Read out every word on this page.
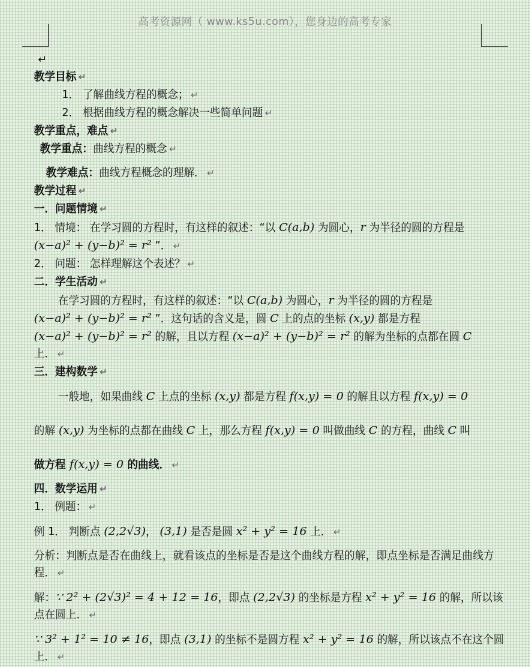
高考资源网（ www.ks5u.com），您身边的高考专家
↵
教学目标 ↵
1． 了解曲线方程的概念； ↵
2． 根据曲线方程的概念解决一些简单问题 ↵
教学重点，难点 ↵
教学重点：曲线方程的概念 ↵
教学难点：曲线方程概念的理解． ↵
教学过程 ↵
一．问题情境 ↵
1． 情境： 在学习圆的方程时，有这样的叙述：“以 C(a,b) 为圆心，r 为半径的圆的方程是
(x−a)² + (y−b)² = r² ”． ↵
2． 问题： 怎样理解这个表述？ ↵
二．学生活动 ↵
在学习圆的方程时，有这样的叙述：“以 C(a,b) 为圆心，r 为半径的圆的方程是
(x−a)² + (y−b)² = r² ”．这句话的含义是，圆 C 上的点的坐标 (x,y) 都是方程
(x−a)² + (y−b)² = r² 的解，且以方程 (x−a)² + (y−b)² = r² 的解为坐标的点都在圆 C
上． ↵
三．建构数学 ↵
一般地，如果曲线 C 上点的坐标 (x,y) 都是方程 f(x,y) = 0 的解且以方程 f(x,y) = 0
的解 (x,y) 为坐标的点都在曲线 C 上，那么方程 f(x,y) = 0 叫做曲线 C 的方程，曲线 C 叫
做方程 f(x,y) = 0 的曲线． ↵
四．数学运用 ↵
1． 例题： ↵
例 1． 判断点 (2,2√3)， (3,1) 是否是圆 x² + y² = 16 上． ↵
分析：判断点是否在曲线上，就看该点的坐标是否是这个曲线方程的解，即点坐标是否满足曲线方程． ↵
解：∵ 2² + (2√3)² = 4 + 12 = 16，即点 (2,2√3) 的坐标是方程 x² + y² = 16 的解，所以该
点在圆上． ↵
∵ 3² + 1² = 10 ≠ 16，即点 (3,1) 的坐标不是圆方程 x² + y² = 16 的解，所以该点不在这个圆
上． ↵
